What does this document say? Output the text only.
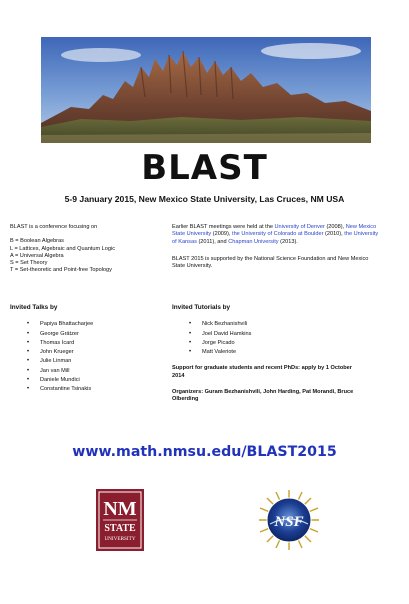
BLAST
5-9 January 2015, New Mexico State University, Las Cruces, NM USA

BLAST is a conference focusing on

B = Boolean Algebras
L = Lattices, Algebraic and Quantum Logic
A = Universal Algebra
S = Set Theory
T = Set-theoretic and Point-free Topology
Invited Talks by
• Papiya Bhattacharjee
• George Grätzer
• Thomas Icard
• John Krueger
• Julie Linman
• Jan van Mill
• Daniele Mundici
• Constantine Tsinakis

Earlier BLAST meetings were held at the University of Denver (2008), New Mexico State University (2009), the University of Colorado at Boulder (2010), the University of Kansas (2011), and Chapman University (2013).

BLAST 2015 is supported by the National Science Foundation and New Mexico State University.

Invited Tutorials by
• Nick Bezhanishvili
• Joel David Hamkins
• Jorge Picado
• Matt Valeriote

Support for graduate students and recent PhDs: apply by 1 October 2014

Organizers: Guram Bezhanishvili, John Harding, Pat Morandi, Bruce Olberding

www.math.nmsu.edu/BLAST2015
NM
STATE
UNIVERSITY
NSF
